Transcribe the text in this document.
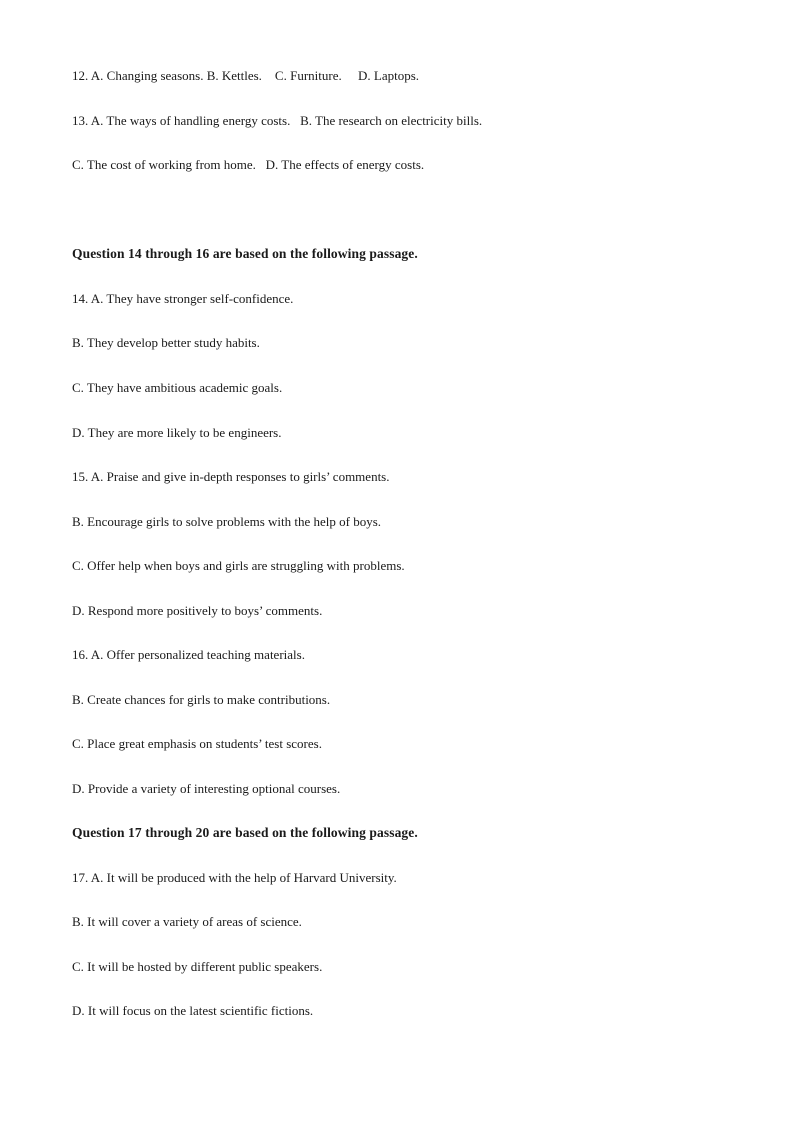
12. A. Changing seasons. B. Kettles.    C. Furniture.     D. Laptops.
13. A. The ways of handling energy costs.   B. The research on electricity bills.
C. The cost of working from home.   D. The effects of energy costs.
Question 14 through 16 are based on the following passage.
14. A. They have stronger self-confidence.
B. They develop better study habits.
C. They have ambitious academic goals.
D. They are more likely to be engineers.
15. A. Praise and give in-depth responses to girls’ comments.
B. Encourage girls to solve problems with the help of boys.
C. Offer help when boys and girls are struggling with problems.
D. Respond more positively to boys’ comments.
16. A. Offer personalized teaching materials.
B. Create chances for girls to make contributions.
C. Place great emphasis on students’ test scores.
D. Provide a variety of interesting optional courses.
Question 17 through 20 are based on the following passage.
17. A. It will be produced with the help of Harvard University.
B. It will cover a variety of areas of science.
C. It will be hosted by different public speakers.
D. It will focus on the latest scientific fictions.
